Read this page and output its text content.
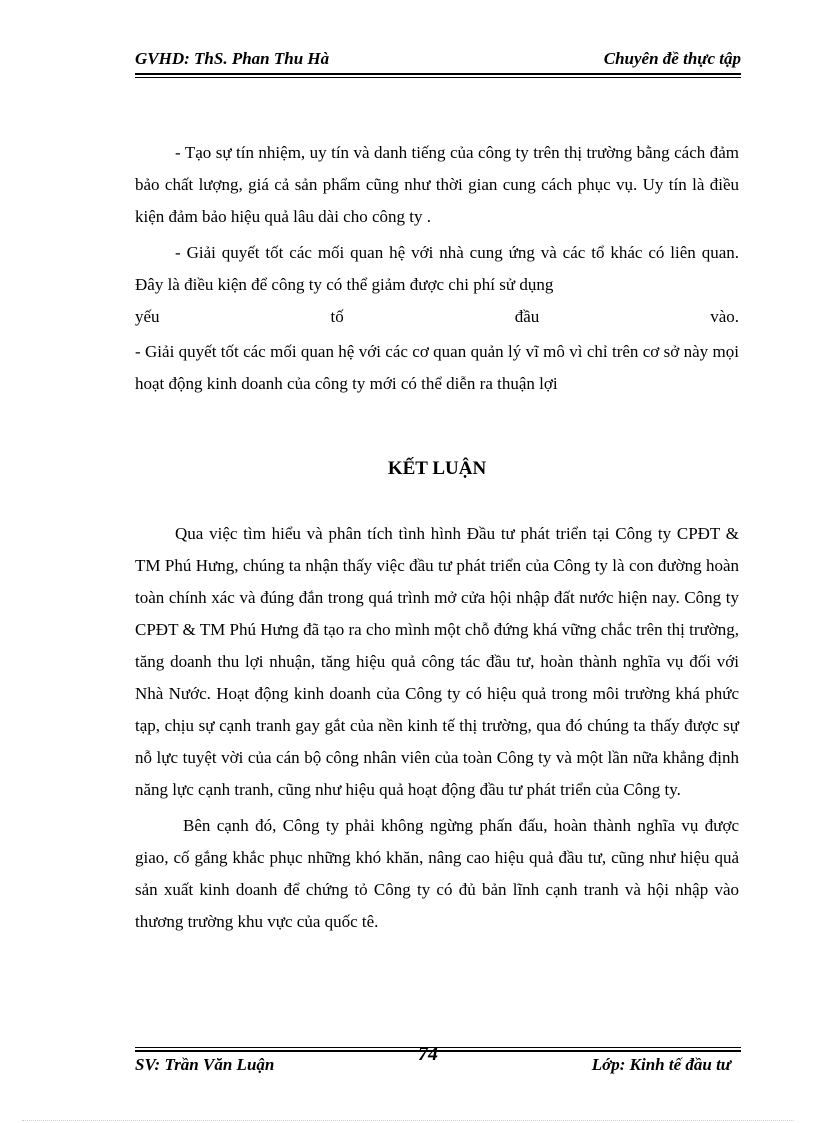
GVHD: ThS. Phan Thu Hà	Chuyên đề thực tập

- Tạo sự tín nhiệm, uy tín và danh tiếng của công ty trên thị trường bằng cách đảm bảo chất lượng, giá cả sản phẩm cũng như thời gian cung cách phục vụ. Uy tín là điều kiện đảm bảo hiệu quả lâu dài cho công ty .

- Giải quyết tốt các mối quan hệ với nhà cung ứng và các tổ khác có liên quan. Đây là điều kiện để công ty có thể giảm được chi phí sử dụng

yếu	tố	đầu	vào.

- Giải quyết tốt các mối quan hệ với các cơ quan quản lý vĩ mô vì chỉ trên cơ sở này mọi hoạt động kinh doanh của công ty mới có thể diễn ra thuận lợi

KẾT LUẬN

Qua việc tìm hiểu và phân tích tình hình Đầu tư phát triển tại Công ty CPĐT & TM Phú Hưng, chúng ta nhận thấy việc đầu tư phát triển của Công ty là con đường hoàn toàn chính xác và đúng đắn trong quá trình mở cửa hội nhập đất nước hiện nay. Công ty CPĐT & TM Phú Hưng đã tạo ra cho mình một chỗ đứng khá vững chắc trên thị trường, tăng doanh thu lợi nhuận, tăng hiệu quả công tác đầu tư, hoàn thành nghĩa vụ đối với Nhà Nước. Hoạt động kinh doanh của Công ty có hiệu quả trong môi trường khá phức tạp, chịu sự cạnh tranh gay gắt của nền kinh tế thị trường, qua đó chúng ta thấy được sự nỗ lực tuyệt vời của cán bộ công nhân viên của toàn Công ty và một lần nữa khẳng định năng lực cạnh tranh, cũng như hiệu quả hoạt động đầu tư phát triển của Công ty.

Bên cạnh đó, Công ty phải không ngừng phấn đấu, hoàn thành nghĩa vụ được giao, cố gắng khắc phục những khó khăn, nâng cao hiệu quả đầu tư, cũng như hiệu quả sản xuất kinh doanh để chứng tỏ Công ty có đủ bản lĩnh cạnh tranh và hội nhập vào thương trường khu vực của quốc tê.

SV: Trần Văn Luận	74	Lớp: Kinh tế đầu tư
